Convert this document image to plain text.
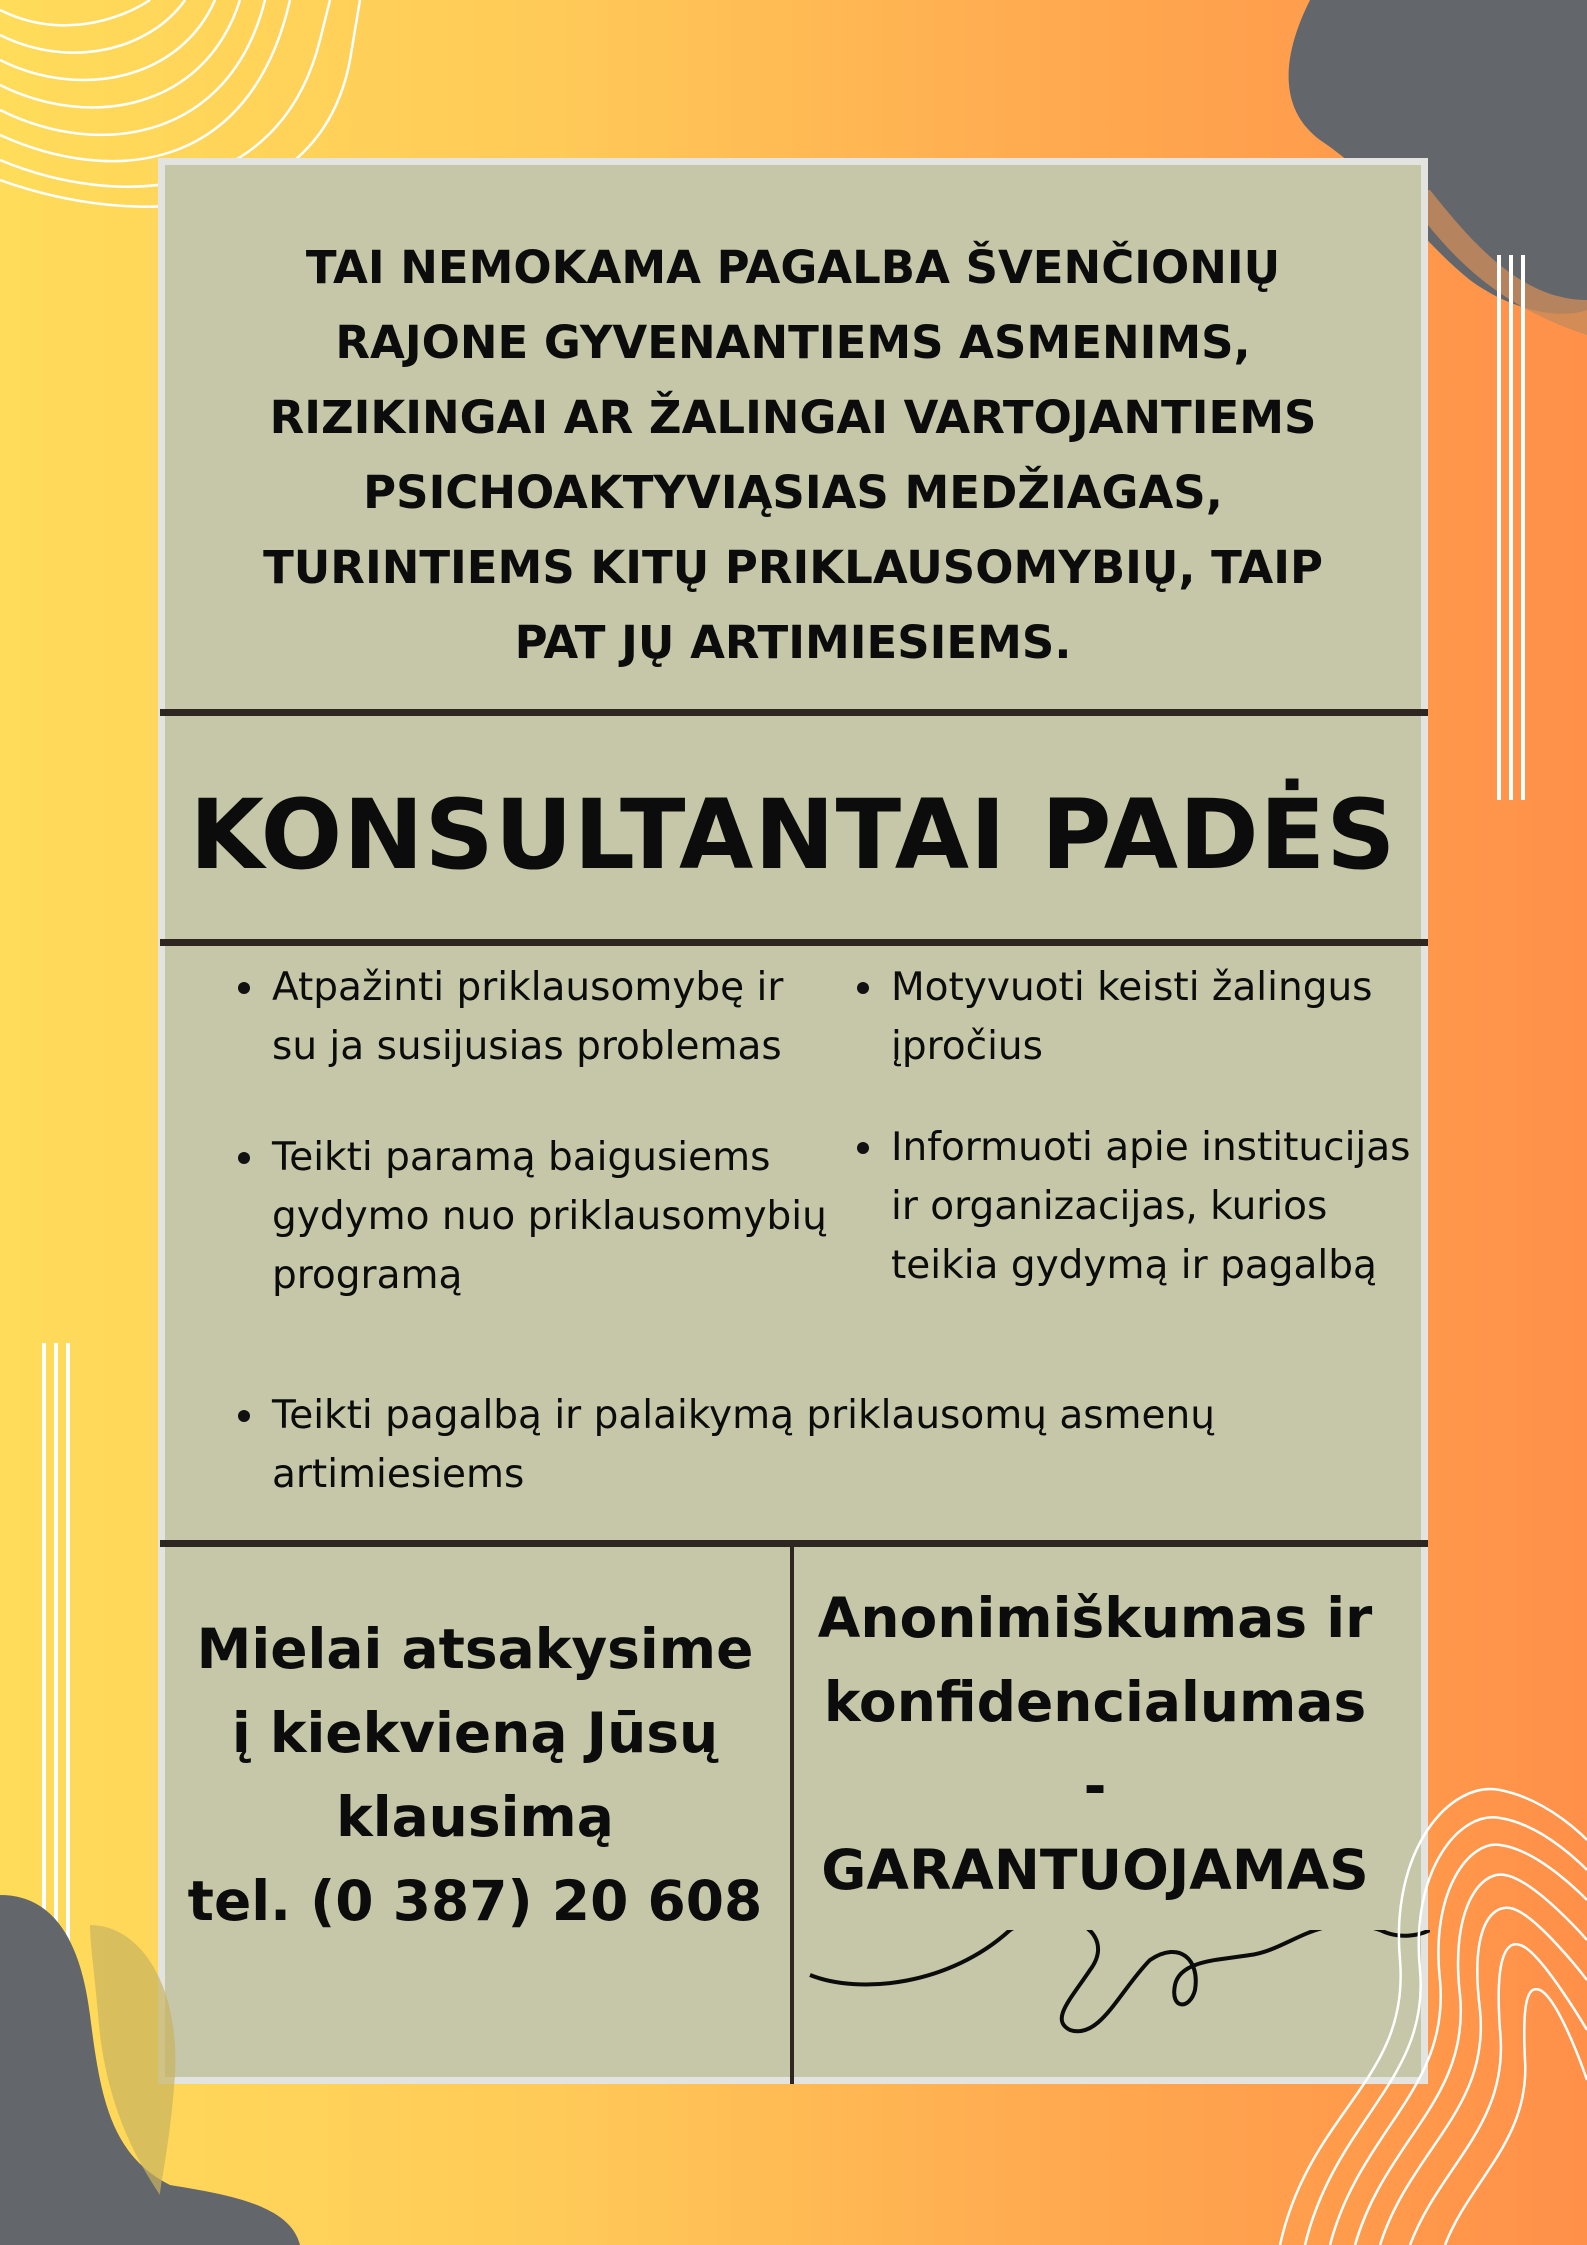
TAI NEMOKAMA PAGALBA ŠVENČIONIŲ
RAJONE GYVENANTIEMS ASMENIMS,
RIZIKINGAI AR ŽALINGAI VARTOJANTIEMS
PSICHOAKTYVIĄSIAS MEDŽIAGAS,
TURINTIEMS KITŲ PRIKLAUSOMYBIŲ, TAIP
PAT JŲ ARTIMIESIEMS.
KONSULTANTAI PADĖS
Atpažinti priklausomybę ir su ja susijusias problemas
Motyvuoti keisti žalingus įpročius
Teikti paramą baigusiems gydymo nuo priklausomybių programą
Informuoti apie institucijas ir organizacijas, kurios teikia gydymą ir pagalbą
Teikti pagalbą ir palaikymą priklausomų asmenų artimiesiems
Mielai atsakysime
į kiekvieną Jūsų
klausimą
tel. (0 387) 20 608
Anonimiškumas ir
konfidencialumas
-
GARANTUOJAMAS
